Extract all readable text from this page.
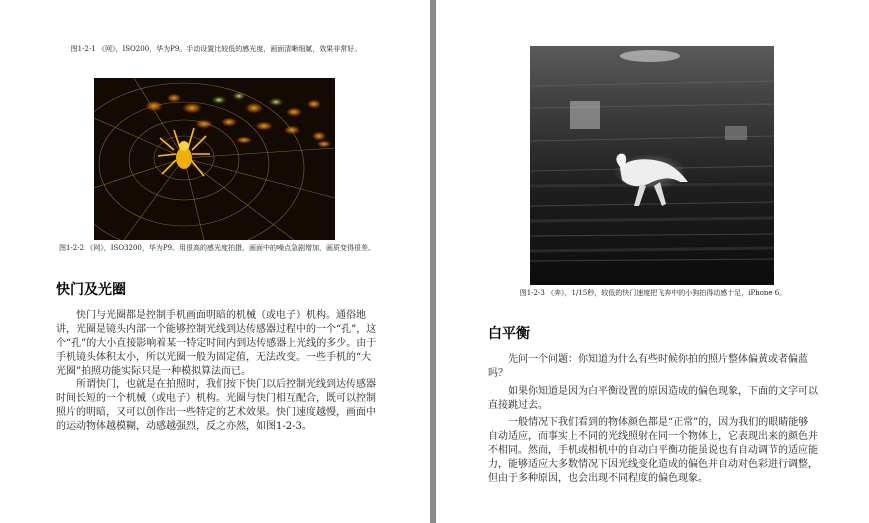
图1-2-1 《网》，ISO200，华为P9。手动设置比较低的感光度，画面清晰细腻，效果非常好。
图1-2-2 《网》，ISO3200，华为P9。用很高的感光度拍摄，画面中的噪点急剧增加，画质变得很差。
快门及光圈

快门与光圈都是控制手机画面明暗的机械（或电子）机构。通俗地讲，光圈是镜头内部一个能够控制光线到达传感器过程中的一个“孔”，这个“孔”的大小直接影响着某一特定时间内到达传感器上光线的多少。由于手机镜头体积太小，所以光圈一般为固定值，无法改变。一些手机的“大光圈”拍照功能实际只是一种模拟算法而已。

所谓快门，也就是在拍照时，我们按下快门以后控制光线到达传感器时间长短的一个机械（或电子）机构。光圈与快门相互配合，既可以控制照片的明暗，又可以创作出一些特定的艺术效果。快门速度越慢，画面中的运动物体越模糊，动感越强烈，反之亦然，如图1-2-3。

图1-2-3 《奔》，1/15秒，较低的快门速度把飞奔中的小狗拍得动感十足，iPhone 6。
白平衡

先问一个问题：你知道为什么有些时候你拍的照片整体偏黄或者偏蓝吗？

如果你知道是因为白平衡设置的原因造成的偏色现象，下面的文字可以直接跳过去。

一般情况下我们看到的物体颜色都是“正常”的，因为我们的眼睛能够自动适应，而事实上不同的光线照射在同一个物体上，它表现出来的颜色并不相同。然而，手机或相机中的自动白平衡功能虽说也有自动调节的适应能力，能够适应大多数情况下因光线变化造成的偏色并自动对色彩进行调整，但由于多种原因，也会出现不同程度的偏色现象。
